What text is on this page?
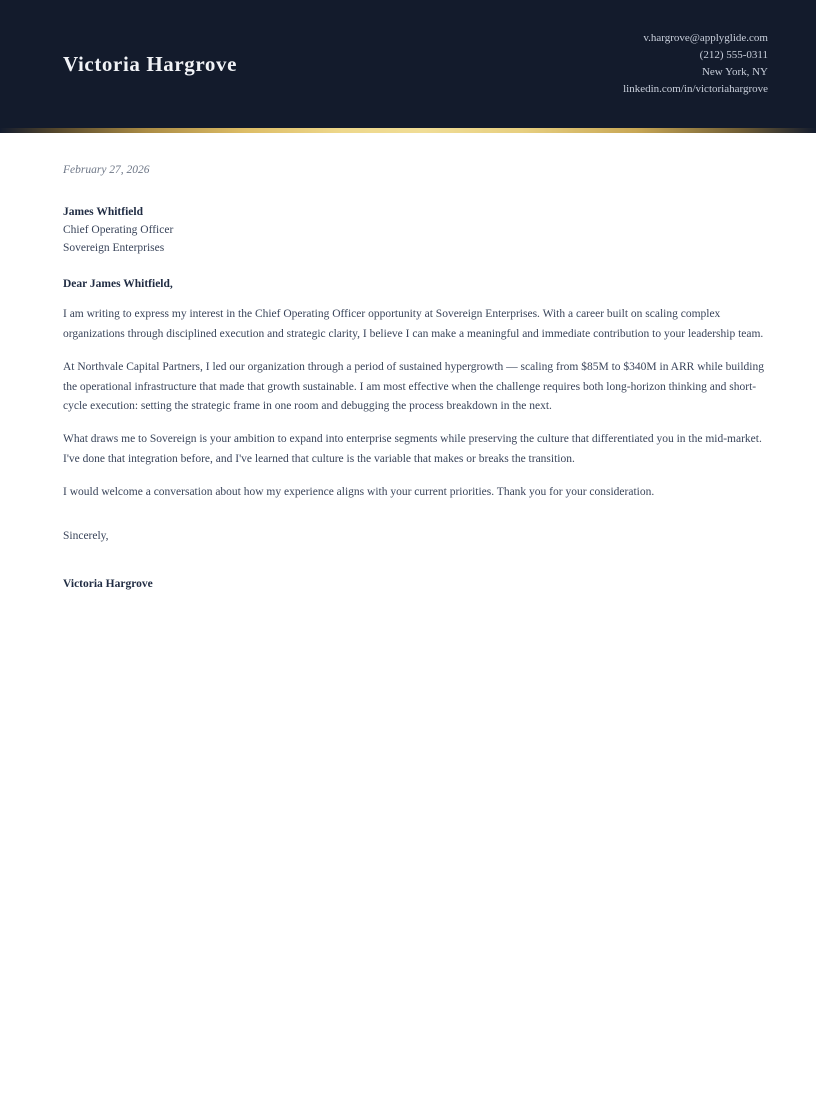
Victoria Hargrove
v.hargrove@applyglide.com
(212) 555-0311
New York, NY
linkedin.com/in/victoriahargrove
February 27, 2026
James Whitfield
Chief Operating Officer
Sovereign Enterprises
Dear James Whitfield,

I am writing to express my interest in the Chief Operating Officer opportunity at Sovereign Enterprises. With a career built on scaling complex organizations through disciplined execution and strategic clarity, I believe I can make a meaningful and immediate contribution to your leadership team.

At Northvale Capital Partners, I led our organization through a period of sustained hypergrowth — scaling from $85M to $340M in ARR while building the operational infrastructure that made that growth sustainable. I am most effective when the challenge requires both long-horizon thinking and short-cycle execution: setting the strategic frame in one room and debugging the process breakdown in the next.

What draws me to Sovereign is your ambition to expand into enterprise segments while preserving the culture that differentiated you in the mid-market. I've done that integration before, and I've learned that culture is the variable that makes or breaks the transition.

I would welcome a conversation about how my experience aligns with your current priorities. Thank you for your consideration.

Sincerely,
Victoria Hargrove
